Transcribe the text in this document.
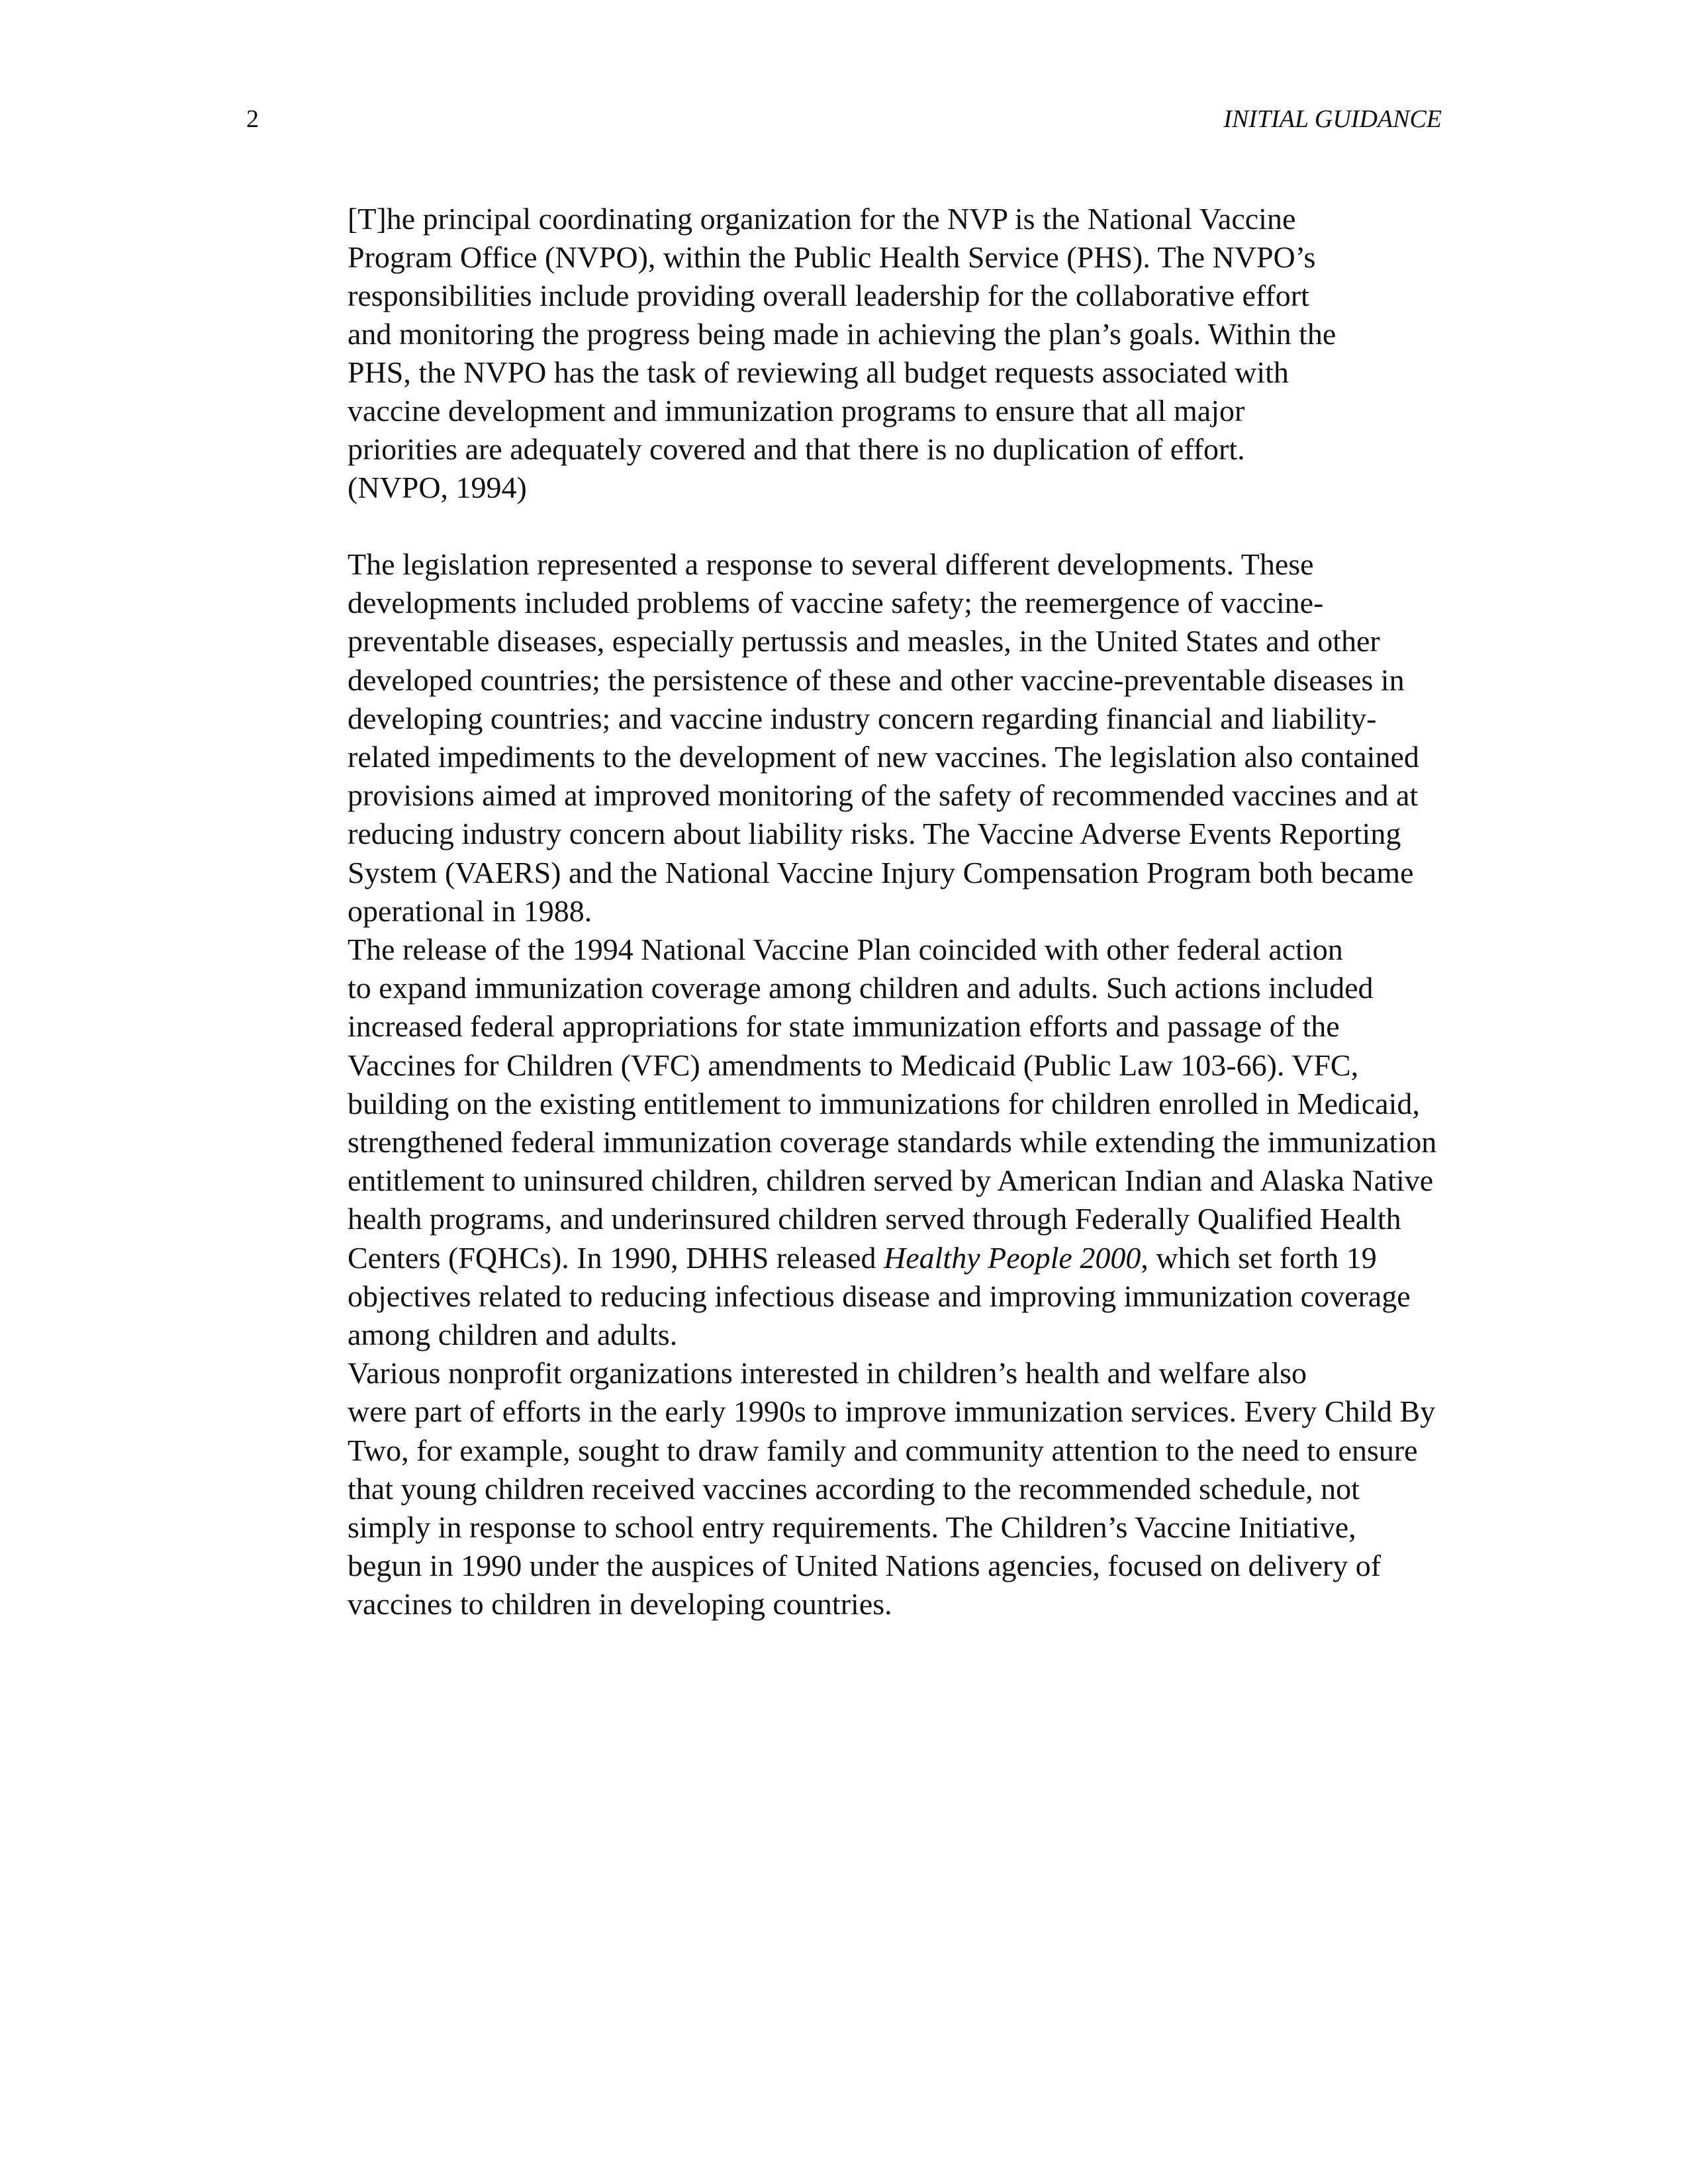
2	INITIAL GUIDANCE
[T]he principal coordinating organization for the NVP is the National Vaccine
Program Office (NVPO), within the Public Health Service (PHS). The NVPO’s
responsibilities include providing overall leadership for the collaborative effort
and monitoring the progress being made in achieving the plan’s goals. Within the
PHS, the NVPO has the task of reviewing all budget requests associated with
vaccine development and immunization programs to ensure that all major
priorities are adequately covered and that there is no duplication of effort.
(NVPO, 1994)

The legislation represented a response to several different developments. These
developments included problems of vaccine safety; the reemergence of vaccine-
preventable diseases, especially pertussis and measles, in the United States and other
developed countries; the persistence of these and other vaccine-preventable diseases in
developing countries; and vaccine industry concern regarding financial and liability-
related impediments to the development of new vaccines. The legislation also contained
provisions aimed at improved monitoring of the safety of recommended vaccines and at
reducing industry concern about liability risks. The Vaccine Adverse Events Reporting
System (VAERS) and the National Vaccine Injury Compensation Program both became
operational in 1988.

The release of the 1994 National Vaccine Plan coincided with other federal action
to expand immunization coverage among children and adults. Such actions included
increased federal appropriations for state immunization efforts and passage of the
Vaccines for Children (VFC) amendments to Medicaid (Public Law 103-66). VFC,
building on the existing entitlement to immunizations for children enrolled in Medicaid,
strengthened federal immunization coverage standards while extending the immunization
entitlement to uninsured children, children served by American Indian and Alaska Native
health programs, and underinsured children served through Federally Qualified Health
Centers (FQHCs). In 1990, DHHS released Healthy People 2000, which set forth 19
objectives related to reducing infectious disease and improving immunization coverage
among children and adults.

Various nonprofit organizations interested in children’s health and welfare also
were part of efforts in the early 1990s to improve immunization services. Every Child By
Two, for example, sought to draw family and community attention to the need to ensure
that young children received vaccines according to the recommended schedule, not
simply in response to school entry requirements. The Children’s Vaccine Initiative,
begun in 1990 under the auspices of United Nations agencies, focused on delivery of
vaccines to children in developing countries.
